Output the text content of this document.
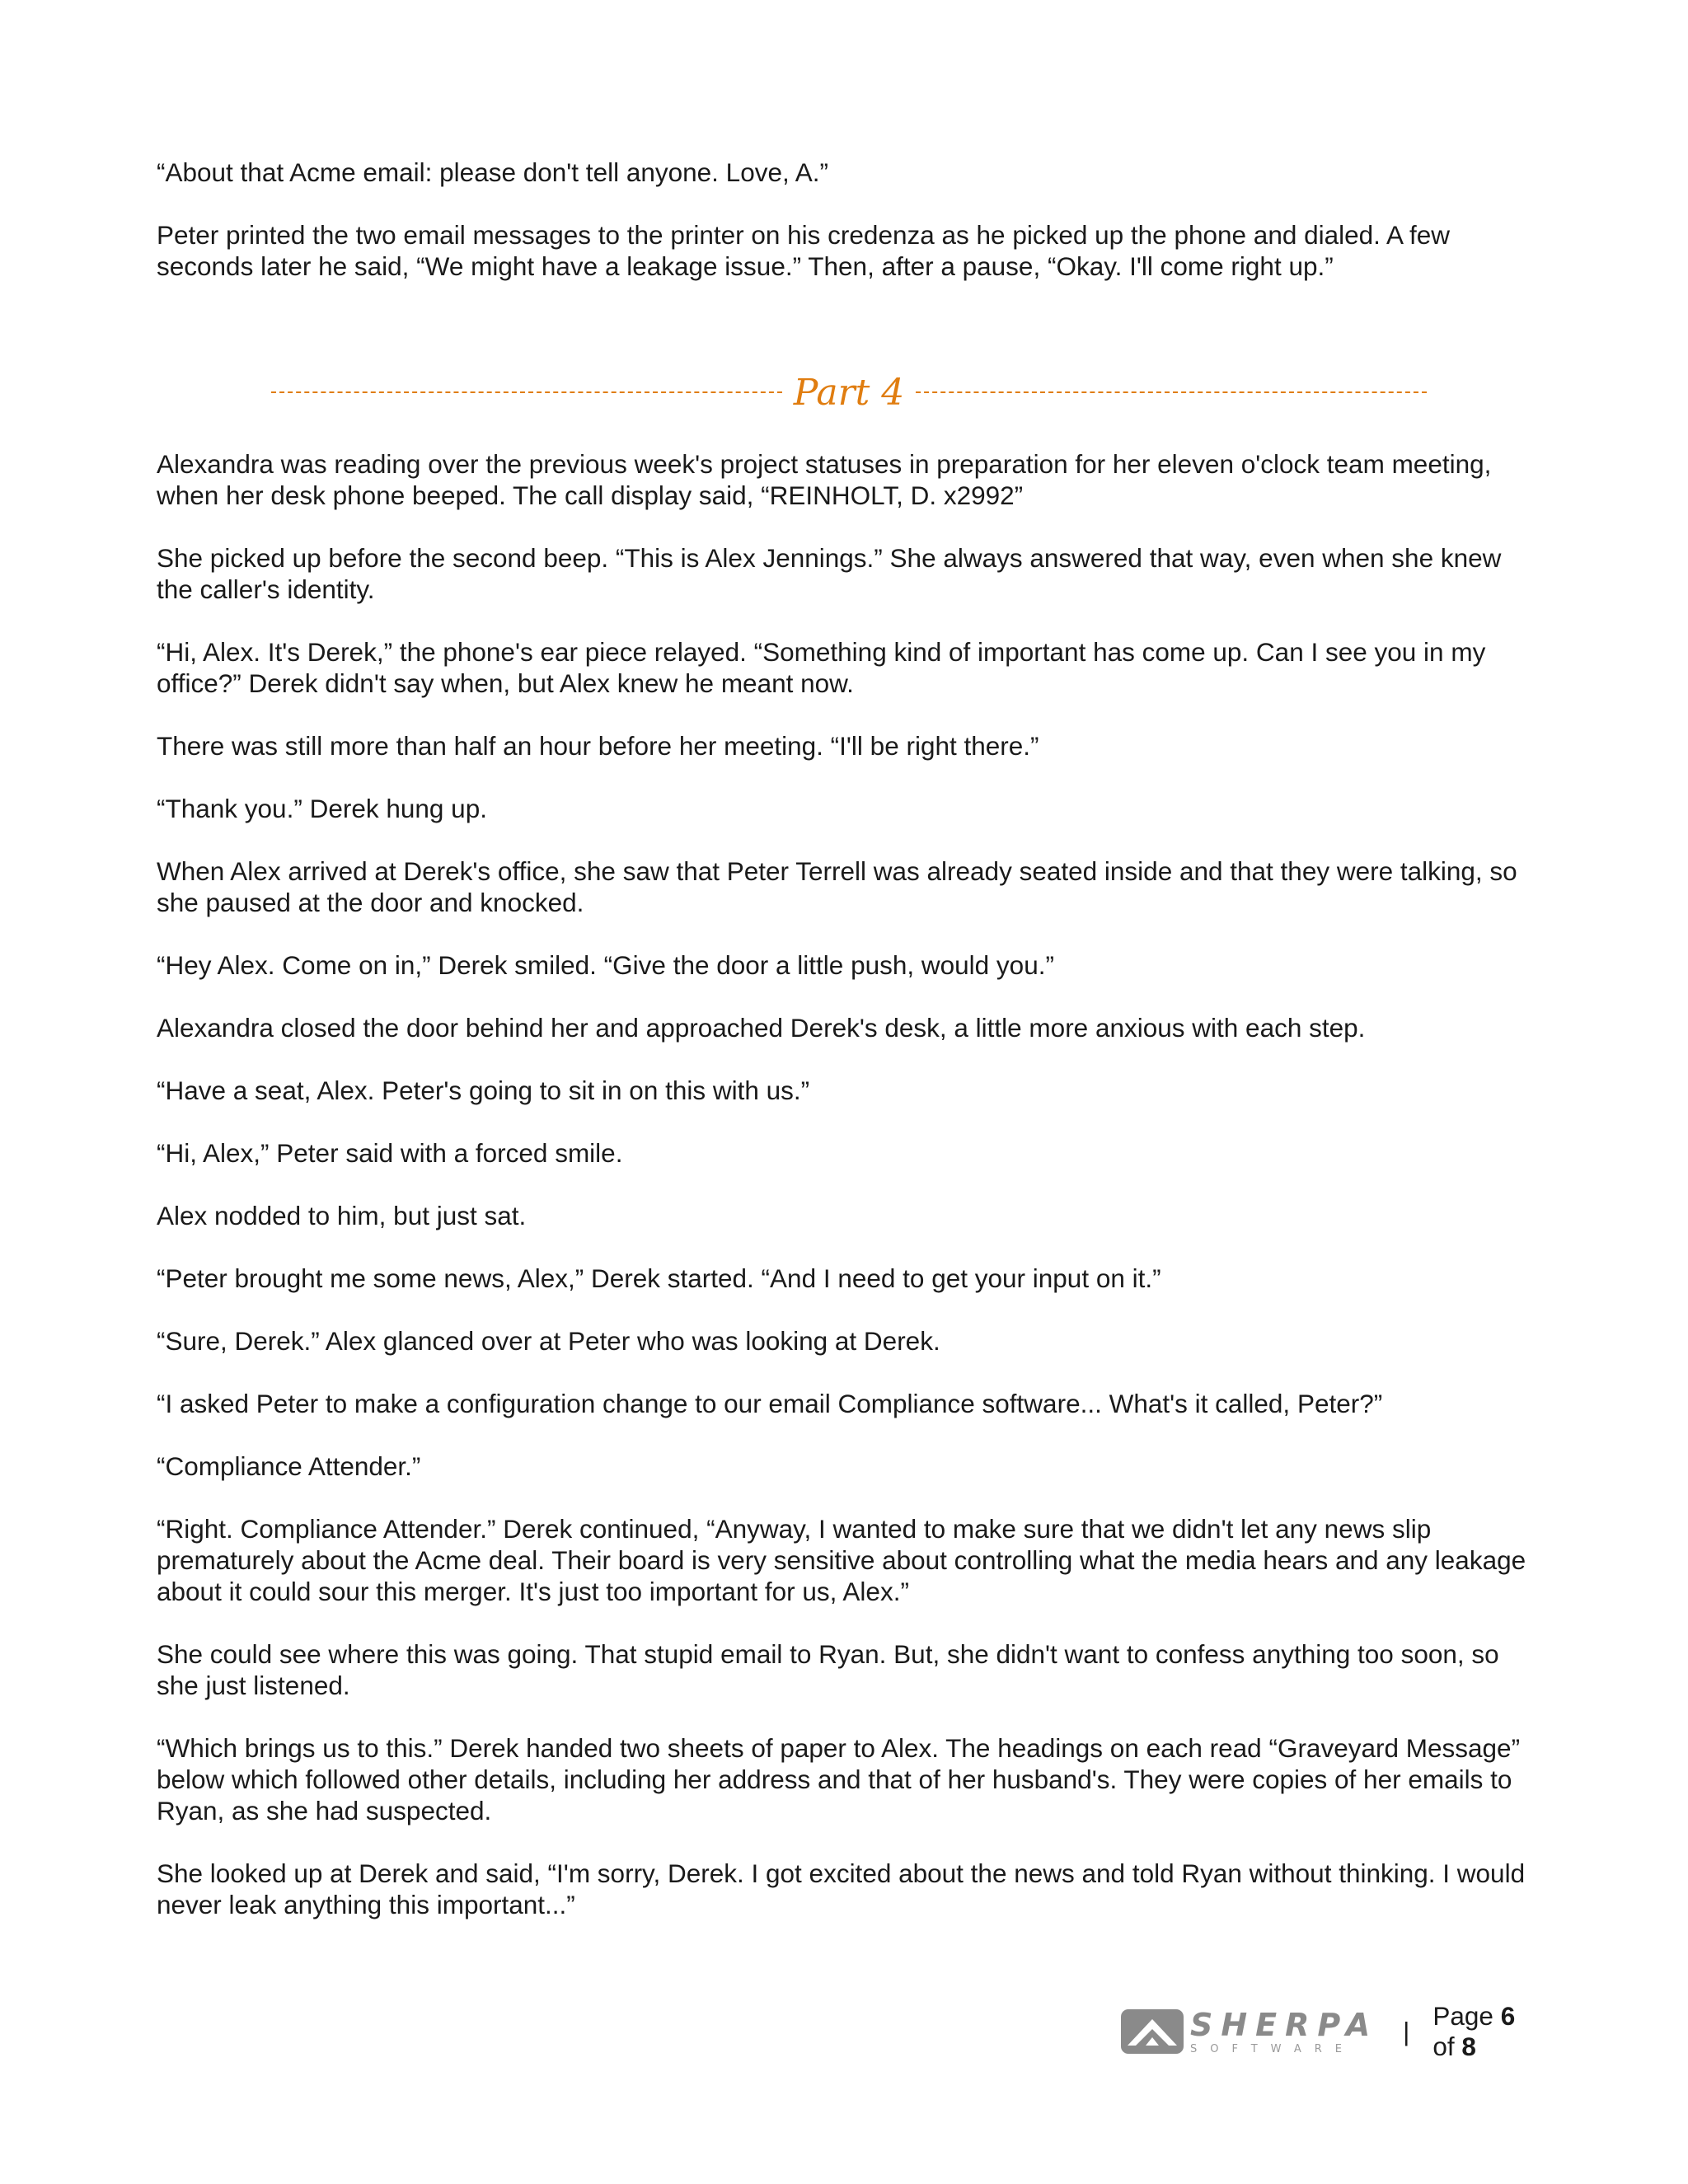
“About that Acme email: please don't tell anyone. Love, A.”

Peter printed the two email messages to the printer on his credenza as he picked up the phone and dialed. A few seconds later he said, “We might have a leakage issue.” Then, after a pause, “Okay. I'll come right up.”

Part 4

Alexandra was reading over the previous week's project statuses in preparation for her eleven o'clock team meeting, when her desk phone beeped. The call display said, “REINHOLT, D. x2992”

She picked up before the second beep. “This is Alex Jennings.” She always answered that way, even when she knew the caller's identity.

“Hi, Alex. It's Derek,” the phone's ear piece relayed. “Something kind of important has come up. Can I see you in my office?” Derek didn't say when, but Alex knew he meant now.

There was still more than half an hour before her meeting. “I'll be right there.”

“Thank you.” Derek hung up.

When Alex arrived at Derek's office, she saw that Peter Terrell was already seated inside and that they were talking, so she paused at the door and knocked.

“Hey Alex. Come on in,” Derek smiled. “Give the door a little push, would you.”

Alexandra closed the door behind her and approached Derek's desk, a little more anxious with each step.

“Have a seat, Alex. Peter's going to sit in on this with us.”

“Hi, Alex,” Peter said with a forced smile.

Alex nodded to him, but just sat.

“Peter brought me some news, Alex,” Derek started. “And I need to get your input on it.”

“Sure, Derek.” Alex glanced over at Peter who was looking at Derek.

“I asked Peter to make a configuration change to our email Compliance software... What's it called, Peter?”

“Compliance Attender.”

“Right. Compliance Attender.” Derek continued, “Anyway, I wanted to make sure that we didn't let any news slip prematurely about the Acme deal. Their board is very sensitive about controlling what the media hears and any leakage about it could sour this merger. It's just too important for us, Alex.”

She could see where this was going. That stupid email to Ryan. But, she didn't want to confess anything too soon, so she just listened.

“Which brings us to this.” Derek handed two sheets of paper to Alex. The headings on each read “Graveyard Message” below which followed other details, including her address and that of her husband's. They were copies of her emails to Ryan, as she had suspected.

She looked up at Derek and said, “I'm sorry, Derek. I got excited about the news and told Ryan without thinking. I would never leak anything this important...”

SHERPA
SOFTWARE
|
Page 6 of 8
